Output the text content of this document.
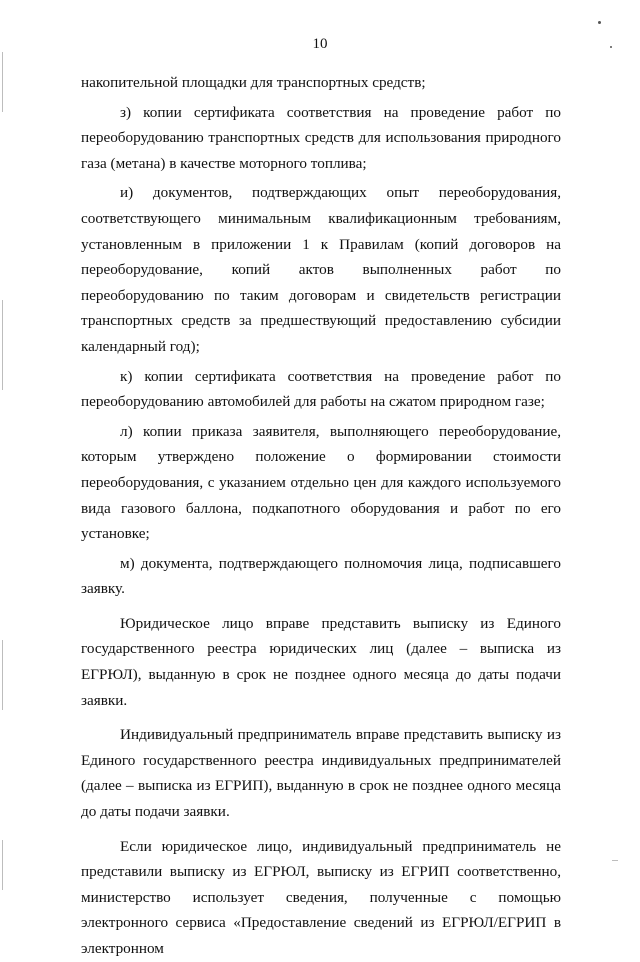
10

накопительной площадки для транспортных средств;

з) копии сертификата соответствия на проведение работ по переоборудованию транспортных средств для использования природного газа (метана) в качестве моторного топлива;

и) документов, подтверждающих опыт переоборудования, соответствующего минимальным квалификационным требованиям, установленным в приложении 1 к Правилам (копий договоров на переоборудование, копий актов выполненных работ по переоборудованию по таким договорам и свидетельств регистрации транспортных средств за предшествующий предоставлению субсидии календарный год);

к) копии сертификата соответствия на проведение работ по переоборудованию автомобилей для работы на сжатом природном газе;

л) копии приказа заявителя, выполняющего переоборудование, которым утверждено положение о формировании стоимости переоборудования, с указанием отдельно цен для каждого используемого вида газового баллона, подкапотного оборудования и работ по его установке;

м) документа, подтверждающего полномочия лица, подписавшего заявку.

Юридическое лицо вправе представить выписку из Единого государственного реестра юридических лиц (далее – выписка из ЕГРЮЛ), выданную в срок не позднее одного месяца до даты подачи заявки.

Индивидуальный предприниматель вправе представить выписку из Единого государственного реестра индивидуальных предпринимателей (далее – выписка из ЕГРИП), выданную в срок не позднее одного месяца до даты подачи заявки.

Если юридическое лицо, индивидуальный предприниматель не представили выписку из ЕГРЮЛ, выписку из ЕГРИП соответственно, министерство использует сведения, полученные с помощью электронного сервиса «Предоставление сведений из ЕГРЮЛ/ЕГРИП в электронном
